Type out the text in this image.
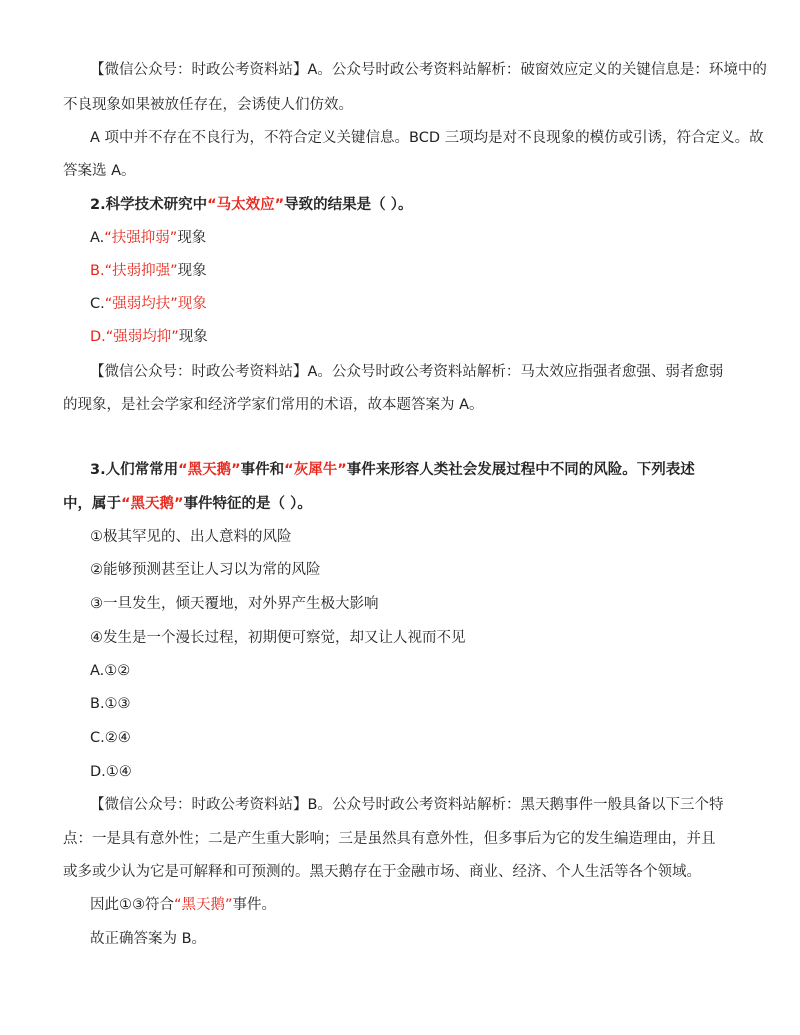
【微信公众号：时政公考资料站】A。公众号时政公考资料站解析：破窗效应定义的关键信息是：环境中的
不良现象如果被放任存在，会诱使人们仿效。
A 项中并不存在不良行为，不符合定义关键信息。BCD 三项均是对不良现象的模仿或引诱，符合定义。故
答案选 A。
2.科学技术研究中“马太效应”导致的结果是（ ）。
A.“扶强抑弱”现象
B.“扶弱抑强”现象
C.“强弱均扶”现象
D.“强弱均抑”现象
【微信公众号：时政公考资料站】A。公众号时政公考资料站解析：马太效应指强者愈强、弱者愈弱
的现象，是社会学家和经济学家们常用的术语，故本题答案为 A。
3.人们常常用“黑天鹅”事件和“灰犀牛”事件来形容人类社会发展过程中不同的风险。下列表述
中，属于“黑天鹅”事件特征的是（ ）。
①极其罕见的、出人意料的风险
②能够预测甚至让人习以为常的风险
③一旦发生，倾天覆地，对外界产生极大影响
④发生是一个漫长过程，初期便可察觉，却又让人视而不见
A.①②
B.①③
C.②④
D.①④
【微信公众号：时政公考资料站】B。公众号时政公考资料站解析：黑天鹅事件一般具备以下三个特
点：一是具有意外性；二是产生重大影响；三是虽然具有意外性，但多事后为它的发生编造理由，并且
或多或少认为它是可解释和可预测的。黑天鹅存在于金融市场、商业、经济、个人生活等各个领域。
因此①③符合“黑天鹅”事件。
故正确答案为 B。
